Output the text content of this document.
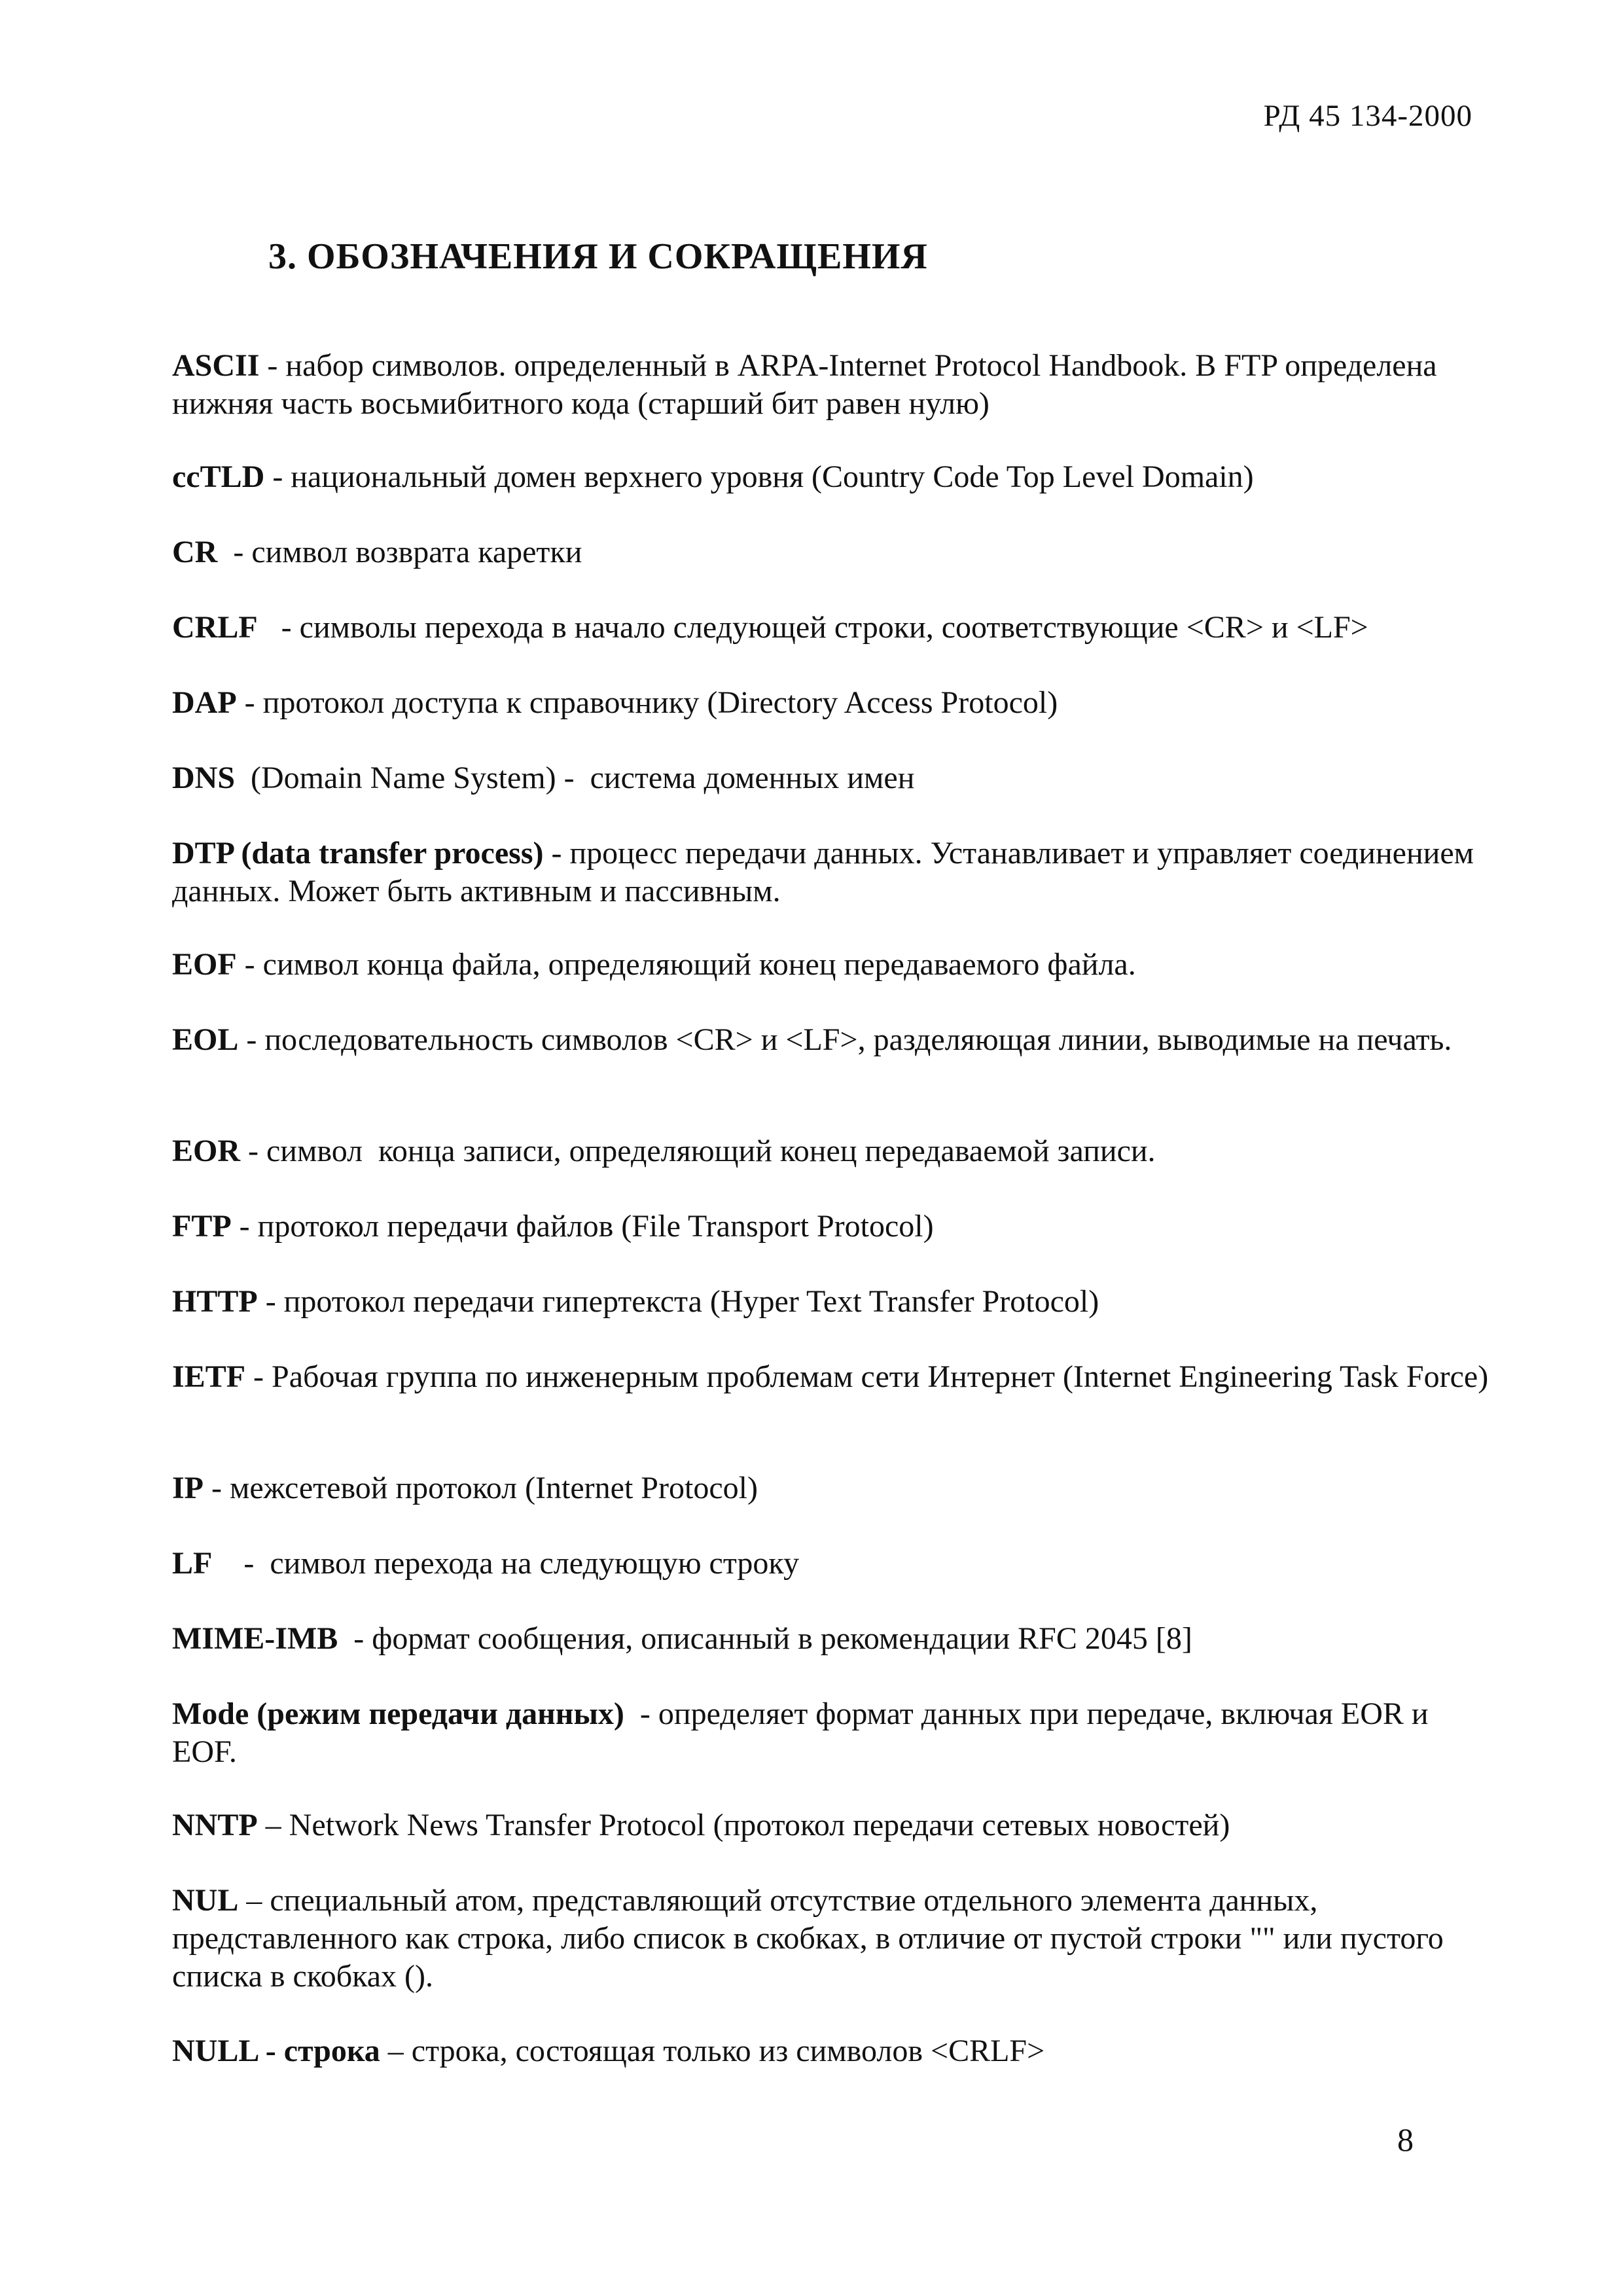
РД 45 134-2000
3. ОБОЗНАЧЕНИЯ И СОКРАЩЕНИЯ
ASCII - набор символов. определенный в ARPA-Internet Protocol Handbook. В FTP определена нижняя часть восьмибитного кода (старший бит равен нулю)
ccTLD - национальный домен верхнего уровня (Country Code Top Level Domain)
CR  - символ возврата каретки
CRLF   - символы перехода в начало следующей строки, соответствующие <CR> и <LF>
DAP - протокол доступа к справочнику (Directory Access Protocol)
DNS  (Domain Name System) -  система доменных имен
DTP (data transfer process) - процесс передачи данных. Устанавливает и управляет соединением данных. Может быть активным и пассивным.
EOF - символ конца файла, определяющий конец передаваемого файла.
EOL - последовательность символов <CR> и <LF>, разделяющая линии, выводимые на печать.
EOR - символ  конца записи, определяющий конец передаваемой записи.
FTP - протокол передачи файлов (File Transport Protocol)
HTTP - протокол передачи гипертекста (Hyper Text Transfer Protocol)
IETF - Рабочая группа по инженерным проблемам сети Интернет (Internet Engineering Task Force)
IP - межсетевой протокол (Internet Protocol)
LF    -  символ перехода на следующую строку
MIME-IMB  - формат сообщения, описанный в рекомендации RFC 2045 [8]
Mode (режим передачи данных)  - определяет формат данных при передаче, включая EOR и EOF.
NNTP – Network News Transfer Protocol (протокол передачи сетевых новостей)
NUL – специальный атом, представляющий отсутствие отдельного элемента данных, представленного как строка, либо список в скобках, в отличие от пустой строки "" или пустого списка в скобках ().
NULL - строка – строка, состоящая только из символов <CRLF>
8
